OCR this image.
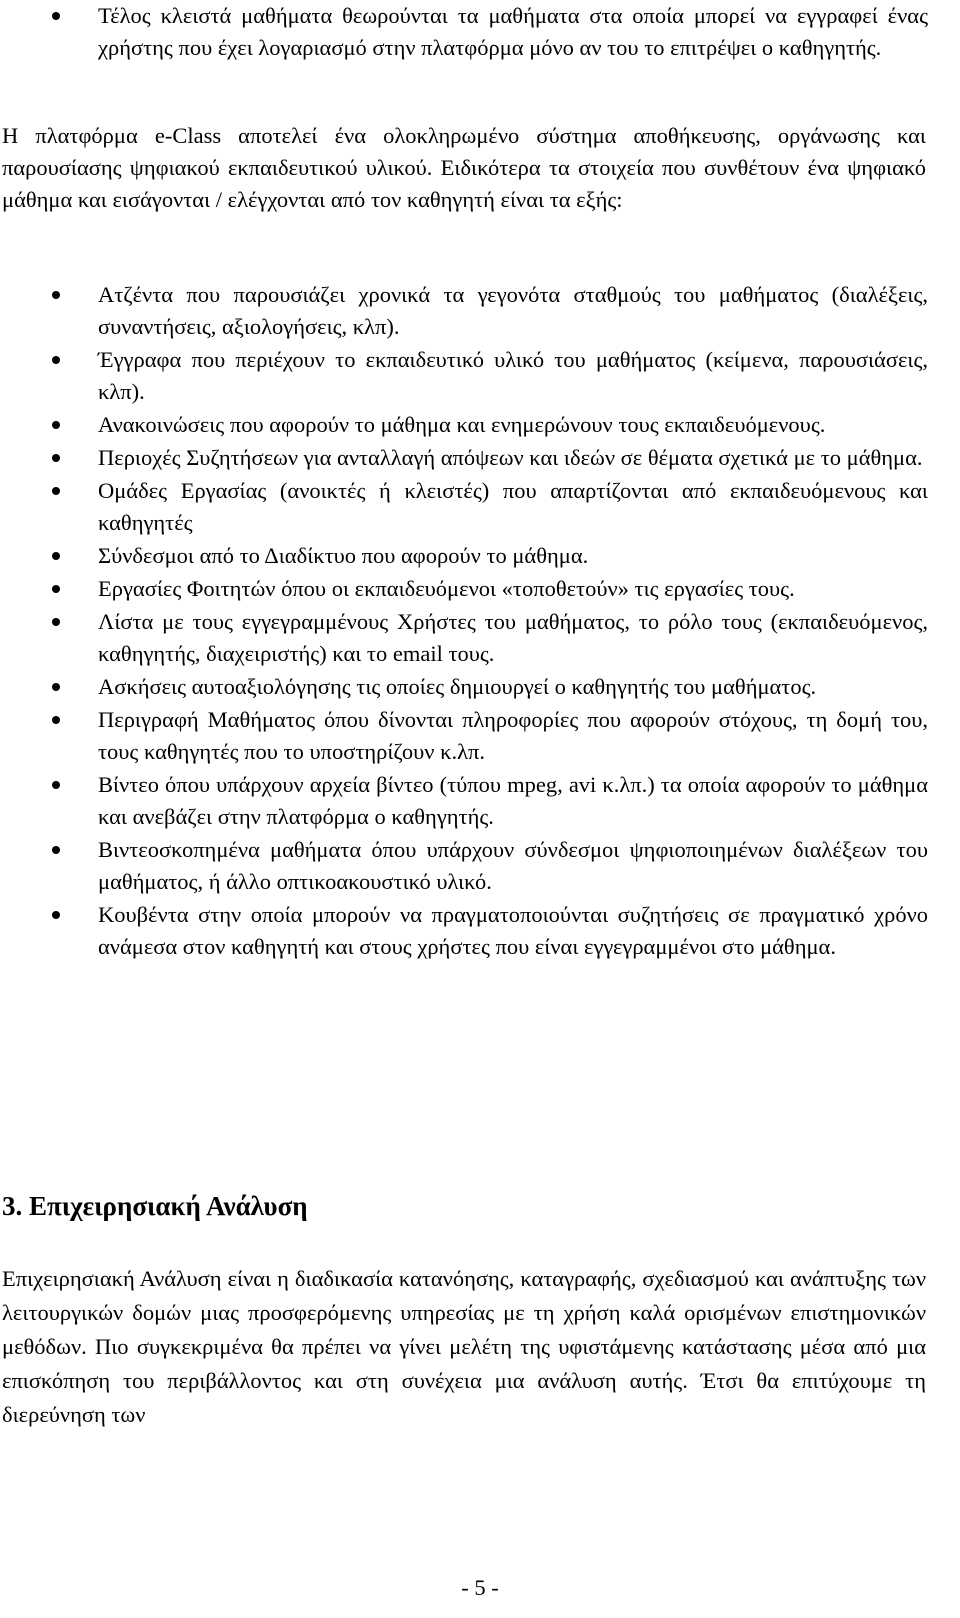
Τέλος κλειστά μαθήματα θεωρούνται τα μαθήματα στα οποία μπορεί να εγγραφεί ένας χρήστης που έχει λογαριασμό στην πλατφόρμα μόνο αν του το επιτρέψει ο καθηγητής.

Η πλατφόρμα e-Class αποτελεί ένα ολοκληρωμένο σύστημα αποθήκευσης, οργάνωσης και παρουσίασης ψηφιακού εκπαιδευτικού υλικού. Ειδικότερα τα στοιχεία που συνθέτουν ένα ψηφιακό μάθημα και εισάγονται / ελέγχονται από τον καθηγητή είναι τα εξής:

Ατζέντα που παρουσιάζει χρονικά τα γεγονότα σταθμούς του μαθήματος (διαλέξεις, συναντήσεις, αξιολογήσεις, κλπ).
Έγγραφα που περιέχουν το εκπαιδευτικό υλικό του μαθήματος (κείμενα, παρουσιάσεις, κλπ).
Ανακοινώσεις που αφορούν το μάθημα και ενημερώνουν τους εκπαιδευόμενους.
Περιοχές Συζητήσεων για ανταλλαγή απόψεων και ιδεών σε θέματα σχετικά με το μάθημα.
Ομάδες Εργασίας (ανοικτές ή κλειστές) που απαρτίζονται από εκπαιδευόμενους και καθηγητές
Σύνδεσμοι από το Διαδίκτυο που αφορούν το μάθημα.
Εργασίες Φοιτητών όπου οι εκπαιδευόμενοι «τοποθετούν» τις εργασίες τους.
Λίστα με τους εγγεγραμμένους Χρήστες του μαθήματος, το ρόλο τους (εκπαιδευόμενος, καθηγητής, διαχειριστής) και το email τους.
Ασκήσεις αυτοαξιολόγησης τις οποίες δημιουργεί ο καθηγητής του μαθήματος.
Περιγραφή Μαθήματος όπου δίνονται πληροφορίες που αφορούν στόχους, τη δομή του, τους καθηγητές που το υποστηρίζουν κ.λπ.
Βίντεο όπου υπάρχουν αρχεία βίντεο (τύπου mpeg, avi κ.λπ.) τα οποία αφορούν το μάθημα και ανεβάζει στην πλατφόρμα ο καθηγητής.
Βιντεοσκοπημένα μαθήματα όπου υπάρχουν σύνδεσμοι ψηφιοποιημένων διαλέξεων του μαθήματος, ή άλλο οπτικοακουστικό υλικό.
Κουβέντα στην οποία μπορούν να πραγματοποιούνται συζητήσεις σε πραγματικό χρόνο ανάμεσα στον καθηγητή και στους χρήστες που είναι εγγεγραμμένοι στο μάθημα.
3. Επιχειρησιακή Ανάλυση

Επιχειρησιακή Ανάλυση είναι η διαδικασία κατανόησης, καταγραφής, σχεδιασμού και ανάπτυξης των λειτουργικών δομών μιας προσφερόμενης υπηρεσίας με τη χρήση καλά ορισμένων επιστημονικών μεθόδων. Πιο συγκεκριμένα θα πρέπει να γίνει μελέτη της υφιστάμενης κατάστασης μέσα από μια επισκόπηση του περιβάλλοντος και στη συνέχεια μια ανάλυση αυτής. Έτσι θα επιτύχουμε τη διερεύνηση των

- 5 -
